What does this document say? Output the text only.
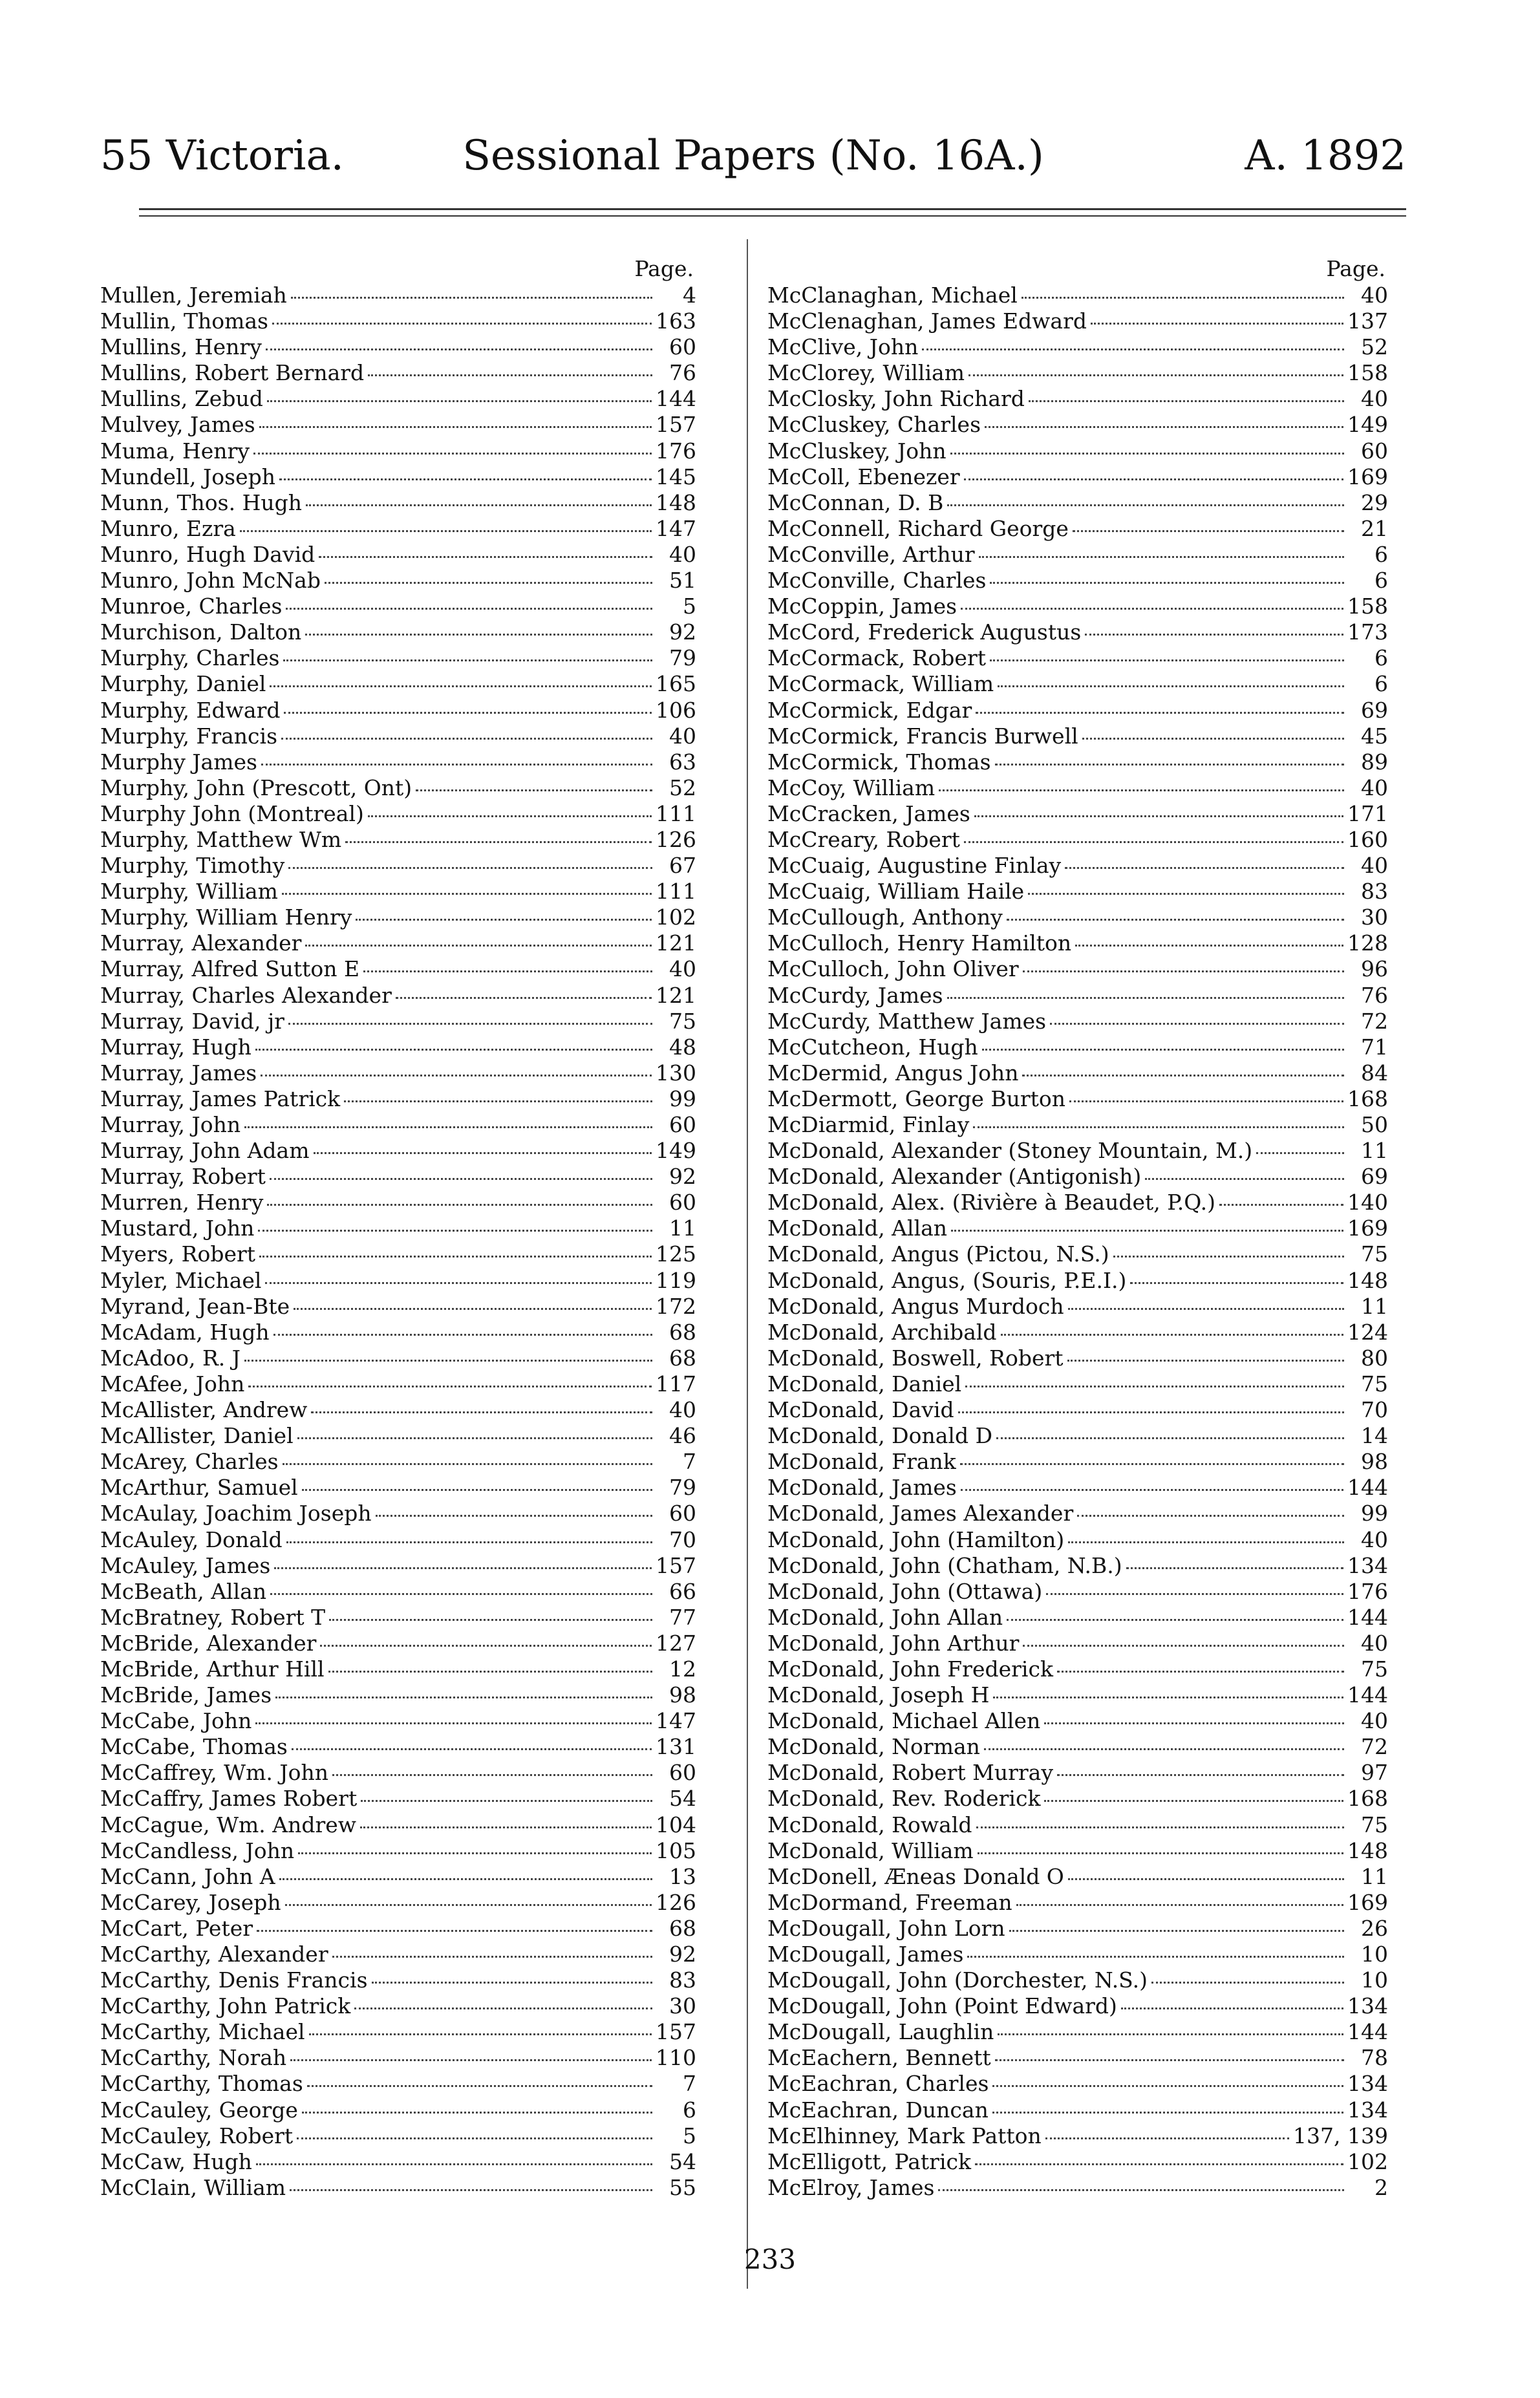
55 Victoria.	Sessional Papers (No. 16A.)	A. 1892
Page.
Mullen, Jeremiah	4
Mullin, Thomas	163
Mullins, Henry	60
Mullins, Robert Bernard	76
Mullins, Zebud	144
Mulvey, James	157
Muma, Henry	176
Mundell, Joseph	145
Munn, Thos. Hugh	148
Munro, Ezra	147
Munro, Hugh David	40
Munro, John McNab	51
Munroe, Charles	5
Murchison, Dalton	92
Murphy, Charles	79
Murphy, Daniel	165
Murphy, Edward	106
Murphy, Francis	40
Murphy James	63
Murphy, John (Prescott, Ont)	52
Murphy John (Montreal)	111
Murphy, Matthew Wm	126
Murphy, Timothy	67
Murphy, William	111
Murphy, William Henry	102
Murray, Alexander	121
Murray, Alfred Sutton E	40
Murray, Charles Alexander	121
Murray, David, jr	75
Murray, Hugh	48
Murray, James	130
Murray, James Patrick	99
Murray, John	60
Murray, John Adam	149
Murray, Robert	92
Murren, Henry	60
Mustard, John	11
Myers, Robert	125
Myler, Michael	119
Myrand, Jean-Bte	172
McAdam, Hugh	68
McAdoo, R. J	68
McAfee, John	117
McAllister, Andrew	40
McAllister, Daniel	46
McArey, Charles	7
McArthur, Samuel	79
McAulay, Joachim Joseph	60
McAuley, Donald	70
McAuley, James	157
McBeath, Allan	66
McBratney, Robert T	77
McBride, Alexander	127
McBride, Arthur Hill	12
McBride, James	98
McCabe, John	147
McCabe, Thomas	131
McCaffrey, Wm. John	60
McCaffry, James Robert	54
McCague, Wm. Andrew	104
McCandless, John	105
McCann, John A	13
McCarey, Joseph	126
McCart, Peter	68
McCarthy, Alexander	92
McCarthy, Denis Francis	83
McCarthy, John Patrick	30
McCarthy, Michael	157
McCarthy, Norah	110
McCarthy, Thomas	7
McCauley, George	6
McCauley, Robert	5
McCaw, Hugh	54
McClain, William	55
Page.
McClanaghan, Michael	40
McClenaghan, James Edward	137
McClive, John	52
McClorey, William	158
McClosky, John Richard	40
McCluskey, Charles	149
McCluskey, John	60
McColl, Ebenezer	169
McConnan, D. B	29
McConnell, Richard George	21
McConville, Arthur	6
McConville, Charles	6
McCoppin, James	158
McCord, Frederick Augustus	173
McCormack, Robert	6
McCormack, William	6
McCormick, Edgar	69
McCormick, Francis Burwell	45
McCormick, Thomas	89
McCoy, William	40
McCracken, James	171
McCreary, Robert	160
McCuaig, Augustine Finlay	40
McCuaig, William Haile	83
McCullough, Anthony	30
McCulloch, Henry Hamilton	128
McCulloch, John Oliver	96
McCurdy, James	76
McCurdy, Matthew James	72
McCutcheon, Hugh	71
McDermid, Angus John	84
McDermott, George Burton	168
McDiarmid, Finlay	50
McDonald, Alexander (Stoney Mountain, M.)	11
McDonald, Alexander (Antigonish)	69
McDonald, Alex. (Rivière à Beaudet, P.Q.)	140
McDonald, Allan	169
McDonald, Angus (Pictou, N.S.)	75
McDonald, Angus, (Souris, P.E.I.)	148
McDonald, Angus Murdoch	11
McDonald, Archibald	124
McDonald, Boswell, Robert	80
McDonald, Daniel	75
McDonald, David	70
McDonald, Donald D	14
McDonald, Frank	98
McDonald, James	144
McDonald, James Alexander	99
McDonald, John (Hamilton)	40
McDonald, John (Chatham, N.B.)	134
McDonald, John (Ottawa)	176
McDonald, John Allan	144
McDonald, John Arthur	40
McDonald, John Frederick	75
McDonald, Joseph H	144
McDonald, Michael Allen	40
McDonald, Norman	72
McDonald, Robert Murray	97
McDonald, Rev. Roderick	168
McDonald, Rowald	75
McDonald, William	148
McDonell, Æneas Donald O	11
McDormand, Freeman	169
McDougall, John Lorn	26
McDougall, James	10
McDougall, John (Dorchester, N.S.)	10
McDougall, John (Point Edward)	134
McDougall, Laughlin	144
McEachern, Bennett	78
McEachran, Charles	134
McEachran, Duncan	134
McElhinney, Mark Patton	137, 139
McElligott, Patrick	102
McElroy, James	2
233
